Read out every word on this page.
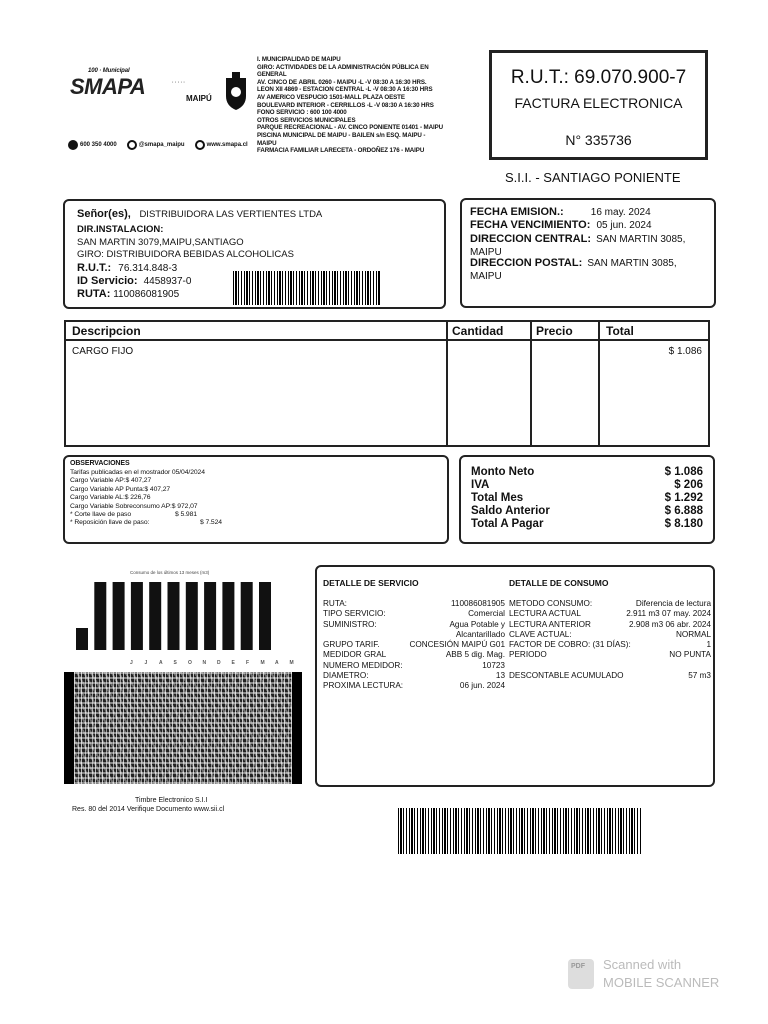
100 · Municipal
SMAPA	· · · · ·
MAIPÚ
600 350 4000	@smapa_maipu	www.smapa.cl
I. MUNICIPALIDAD DE MAIPU
GIRO: ACTIVIDADES DE LA ADMINISTRACIÓN PÚBLICA EN
GENERAL
AV. CINCO DE ABRIL 0260 - MAIPU -L -V 08:30 A 16:30 HRS.
LEON XII 4869 - ESTACION CENTRAL -L -V 08:30 A 16:30 HRS
AV AMERICO VESPUCIO 1501-MALL PLAZA OESTE
BOULEVARD INTERIOR - CERRILLOS -L -V 08:30 A 16:30 HRS
FONO SERVICIO : 600 100 4000
OTROS SERVICIOS MUNICIPALES
PARQUE RECREACIONAL - AV. CINCO PONIENTE 01401 - MAIPU
PISCINA MUNICIPAL DE MAIPU - BAILEN s/n ESQ. MAIPU -
MAIPU
FARMACIA FAMILIAR LARECETA - ORDOÑEZ 176 - MAIPU
R.U.T.: 69.070.900-7
FACTURA ELECTRONICA
N° 335736
S.I.I. - SANTIAGO PONIENTE
Señor(es), DISTRIBUIDORA LAS VERTIENTES LTDA
DIR.INSTALACION:
SAN MARTIN 3079,MAIPU,SANTIAGO
GIRO: DISTRIBUIDORA BEBIDAS ALCOHOLICAS
R.U.T.: 76.314.848-3
ID Servicio: 4458937-0
RUTA: 110086081905
FECHA EMISION.:	16 may. 2024
FECHA VENCIMIENTO: 05 jun. 2024
DIRECCION CENTRAL: SAN MARTIN 3085,
MAIPU
DIRECCION POSTAL: SAN MARTIN 3085,
MAIPU
Descripcion	Cantidad	Precio	Total
CARGO FIJO	$ 1.086
OBSERVACIONES
Tarifas publicadas en el mostrador 05/04/2024
Cargo Variable AP:$ 407,27
Cargo Variable AP Punta:$ 407,27
Cargo Variable AL:$ 226,76
Cargo Variable Sobreconsumo AP:$ 972,07
* Corte llave de paso	$ 5.981
* Reposición llave de paso:	$ 7.524
Monto Neto	$ 1.086
IVA	$ 206
Total Mes	$ 1.292
Saldo Anterior	$ 6.888
Total A Pagar	$ 8.180
Consumo de los últimos 13 meses (m3)
J J A S O N D E F M A M
Timbre Electronico S.I.I
Res. 80 del 2014 Verifique Documento www.sii.cl
DETALLE DE SERVICIO	DETALLE DE CONSUMO
RUTA:	110086081905
TIPO SERVICIO:	Comercial
SUMINISTRO:	Agua Potable y
Alcantarillado
GRUPO TARIF.	CONCESIÓN MAIPÚ G01
MEDIDOR GRAL	ABB 5 dig. Mag.
NUMERO MEDIDOR:	10723
DIAMETRO:	13
PROXIMA LECTURA:	06 jun. 2024
METODO CONSUMO:	Diferencia de lectura
LECTURA ACTUAL	2.911 m3 07 may. 2024
LECTURA ANTERIOR	2.908 m3 06 abr. 2024
CLAVE ACTUAL:	NORMAL
FACTOR DE COBRO: (31 DÍAS):	1
PERIODO	NO PUNTA
DESCONTABLE ACUMULADO	57 m3
PDF Scanned with
MOBILE SCANNER
